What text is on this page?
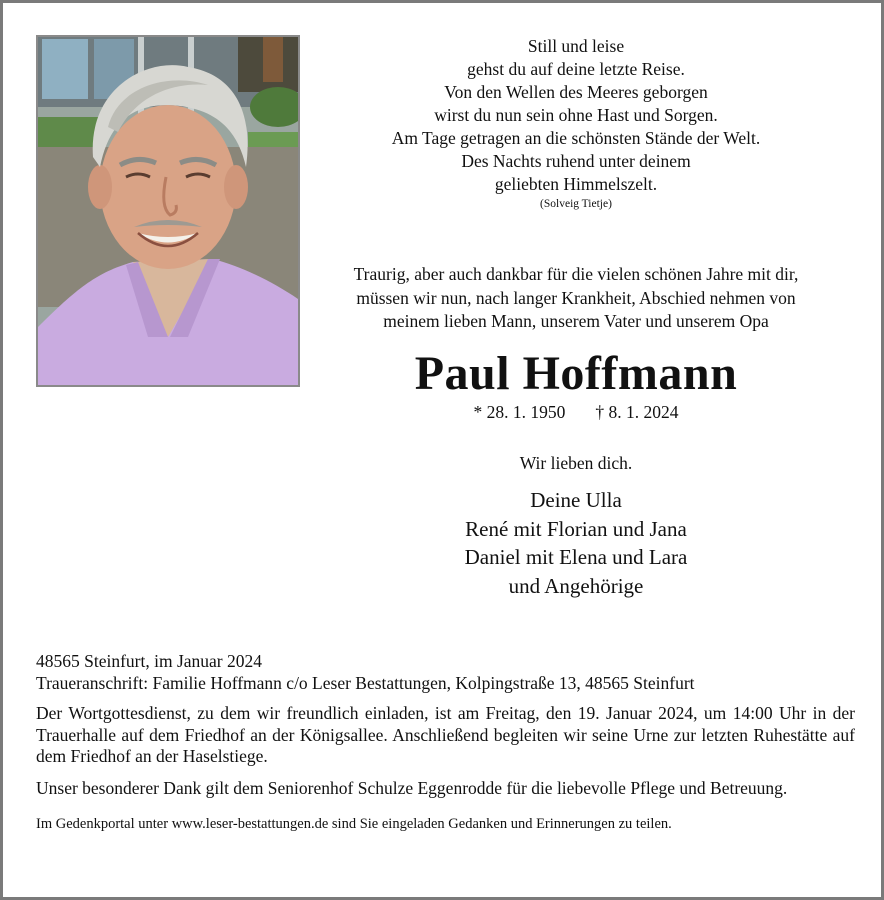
Still und leise
gehst du auf deine letzte Reise.
Von den Wellen des Meeres geborgen
wirst du nun sein ohne Hast und Sorgen.
Am Tage getragen an die schönsten Stände der Welt.
Des Nachts ruhend unter deinem
geliebten Himmelszelt.
(Solveig Tietje)
Traurig, aber auch dankbar für die vielen schönen Jahre mit dir,
müssen wir nun, nach langer Krankheit, Abschied nehmen von
meinem lieben Mann, unserem Vater und unserem Opa
Paul Hoffmann
* 28. 1. 1950 † 8. 1. 2024
Wir lieben dich.
Deine Ulla
René mit Florian und Jana
Daniel mit Elena und Lara
und Angehörige

48565 Steinfurt, im Januar 2024

Traueranschrift: Familie Hoffmann c/o Leser Bestattungen, Kolpingstraße 13, 48565 Steinfurt

Der Wortgottesdienst, zu dem wir freundlich einladen, ist am Freitag, den 19. Januar 2024, um 14:00 Uhr in der Trauerhalle auf dem Friedhof an der Königsallee. Anschließend begleiten wir seine Urne zur letzten Ruhestätte auf dem Friedhof an der Haselstiege.

Unser besonderer Dank gilt dem Seniorenhof Schulze Eggenrodde für die liebevolle Pflege und Betreuung.

Im Gedenkportal unter www.leser-bestattungen.de sind Sie eingeladen Gedanken und Erinnerungen zu teilen.
